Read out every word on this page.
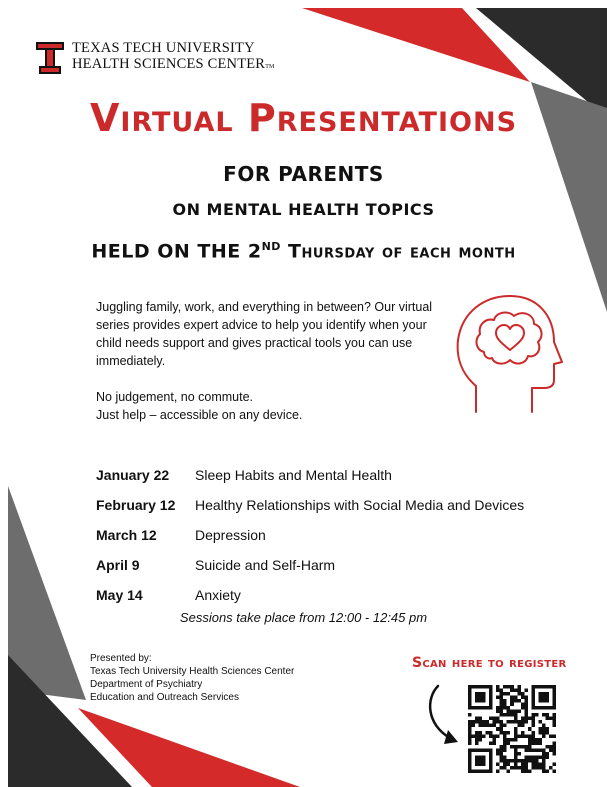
TEXAS TECH UNIVERSITY
HEALTH SCIENCES CENTERTM
Virtual Presentations
FOR PARENTS
ON MENTAL HEALTH TOPICS
HELD ON THE 2ND Thursday of each month

Juggling family, work, and everything in between? Our virtual series provides expert advice to help you identify when your child needs support and gives practical tools you can use immediately.

No judgement, no commute.
Just help – accessible on any device.
January 22	Sleep Habits and Mental Health
February 12	Healthy Relationships with Social Media and Devices
March 12	Depression
April 9	Suicide and Self-Harm
May 14	Anxiety
Sessions take place from 12:00 - 12:45 pm
Presented by:
Texas Tech University Health Sciences Center
Department of Psychiatry
Education and Outreach Services
Scan here to register
